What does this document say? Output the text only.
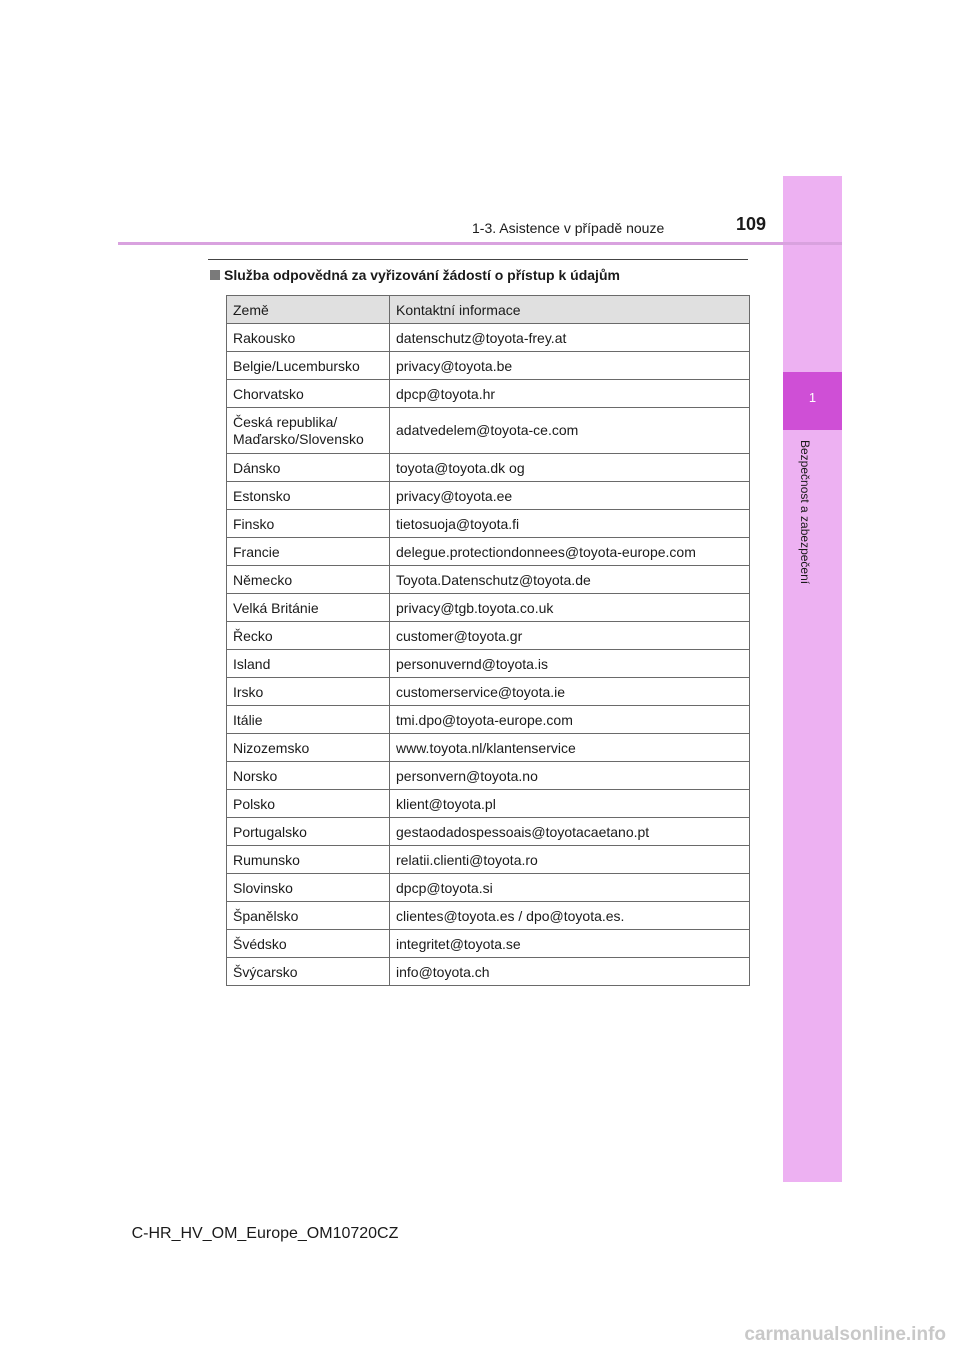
1
Bezpečnost a zabezpečení
1-3. Asistence v případě nouze	109
Služba odpovědná za vyřizování žádostí o přístup k údajům
Země	Kontaktní informace
Rakousko	datenschutz@toyota-frey.at
Belgie/Lucembursko	privacy@toyota.be
Chorvatsko	dpcp@toyota.hr
Česká republika/
Maďarsko/Slovensko	adatvedelem@toyota-ce.com
Dánsko	toyota@toyota.dk og
Estonsko	privacy@toyota.ee
Finsko	tietosuoja@toyota.fi
Francie	delegue.protectiondonnees@toyota-europe.com
Německo	Toyota.Datenschutz@toyota.de
Velká Británie	privacy@tgb.toyota.co.uk
Řecko	customer@toyota.gr
Island	personuvernd@toyota.is
Irsko	customerservice@toyota.ie
Itálie	tmi.dpo@toyota-europe.com
Nizozemsko	www.toyota.nl/klantenservice
Norsko	personvern@toyota.no
Polsko	klient@toyota.pl
Portugalsko	gestaodadospessoais@toyotacaetano.pt
Rumunsko	relatii.clienti@toyota.ro
Slovinsko	dpcp@toyota.si
Španělsko	clientes@toyota.es / dpo@toyota.es.
Švédsko	integritet@toyota.se
Švýcarsko	info@toyota.ch
C-HR_HV_OM_Europe_OM10720CZ
carmanualsonline.info
